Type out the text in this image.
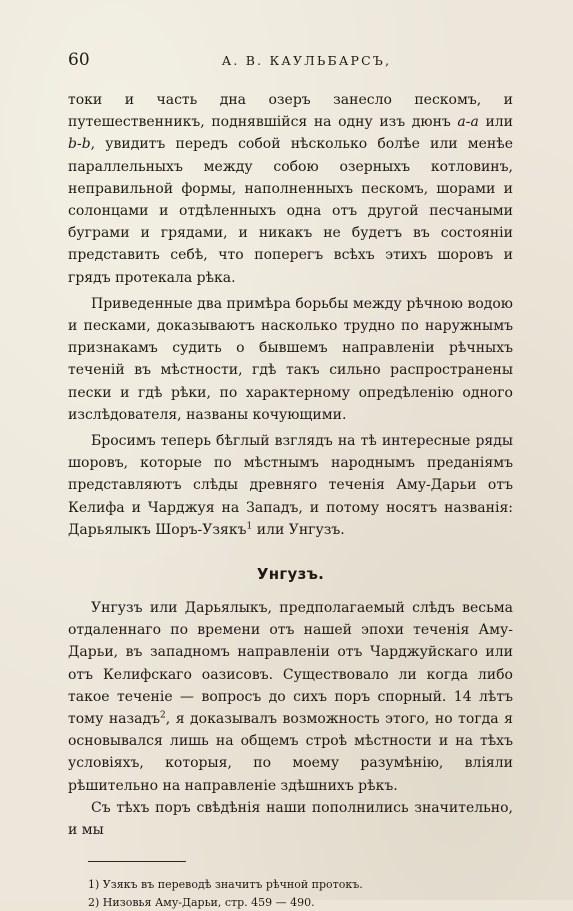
60	А. В. КАУЛЬБАРСЪ,

токи и часть дна озеръ занесло пескомъ, и путешественникъ, поднявшійся на одну изъ дюнъ а-а или b-b, увидитъ передъ собой нѣсколько болѣе или менѣе параллельныхъ между собою озерныхъ котловинъ, неправильной формы, наполненныхъ пескомъ, шорами и солонцами и отдѣленныхъ одна отъ другой песчаными буграми и грядами, и никакъ не будетъ въ состояніи представить себѣ, что поперегъ всѣхъ этихъ шоровъ и грядъ протекала рѣка.

Приведенные два примѣра борьбы между рѣчною водою и песками, доказываютъ насколько трудно по наружнымъ признакамъ судить о бывшемъ направленіи рѣчныхъ теченій въ мѣстности, гдѣ такъ сильно распространены пески и гдѣ рѣки, по характерному опредѣленію одного изслѣдователя, названы кочующими.

Бросимъ теперь бѣглый взглядъ на тѣ интересные ряды шоровъ, которые по мѣстнымъ народнымъ преданіямъ представляютъ слѣды древняго теченія Аму-Дарьи отъ Келифа и Чарджуя на Западъ, и потому носятъ названія: Дарьялыкъ Шоръ-Узякъ$^1$ или Унгузъ.

Унгузъ.

Унгузъ или Дарьялыкъ, предполагаемый слѣдъ весьма отдаленнаго по времени отъ нашей эпохи теченія Аму-Дарьи, въ западномъ направленіи отъ Чарджуйскаго или отъ Келифскаго оазисовъ. Существовало ли когда либо такое теченіе — вопросъ до сихъ поръ спорный. 14 лѣтъ тому назадъ$^2$, я доказывалъ возможность этого, но тогда я основывался лишь на общемъ строѣ мѣстности и на тѣхъ условіяхъ, которыя, по моему разумѣнію, вліяли рѣшительно на направленіе здѣшнихъ рѣкъ.

Съ тѣхъ поръ свѣдѣнія наши пополнились значительно, и мы

1) Узякъ въ переводѣ значитъ рѣчной протокъ.

2) Низовья Аму-Дарьи, стр. 459 — 490.
